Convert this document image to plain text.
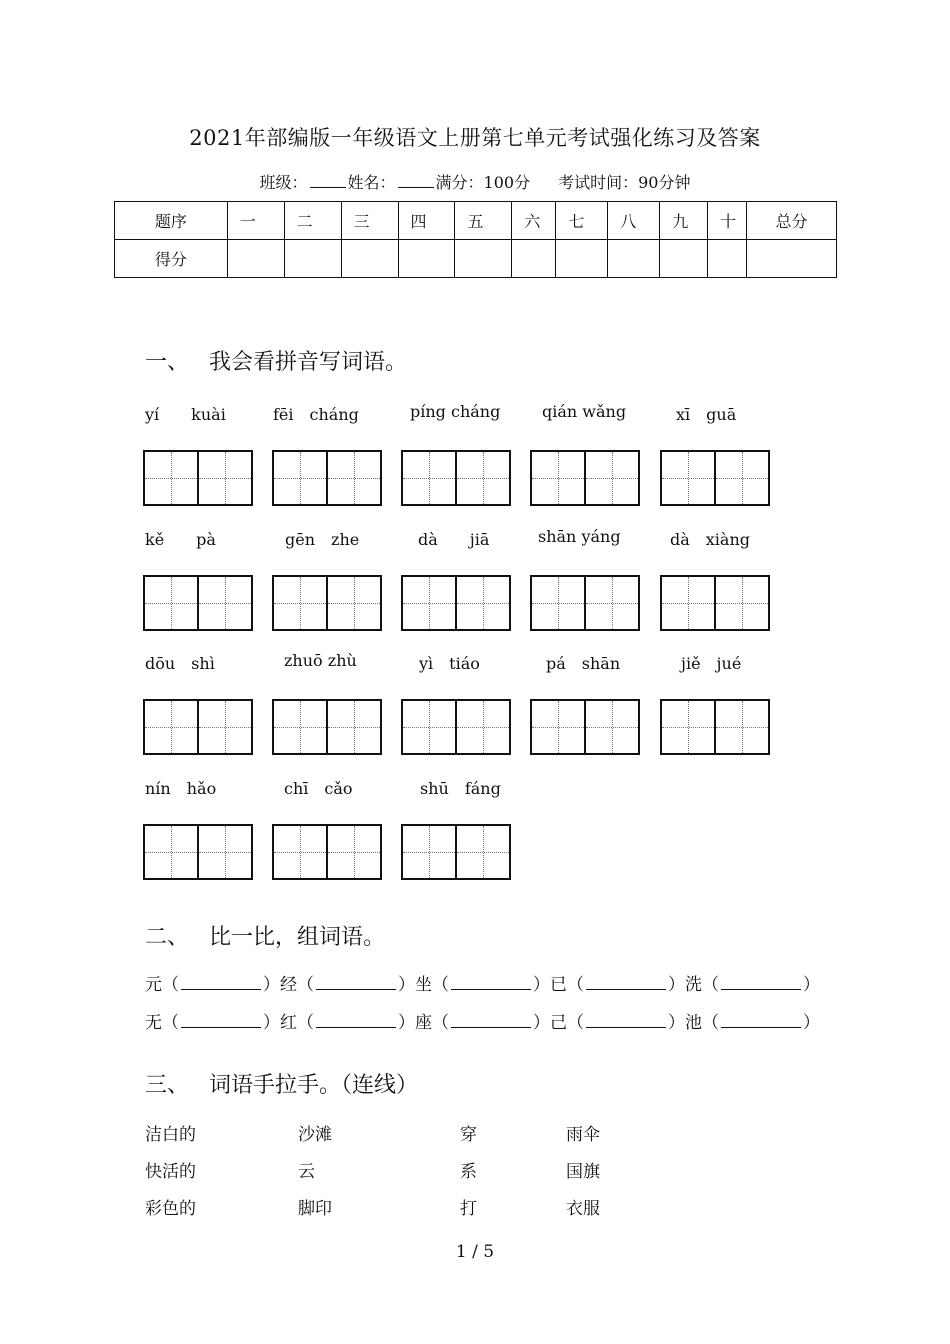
2021年部编版一年级语文上册第七单元考试强化练习及答案
班级：	姓名：	满分：100分 考试时间：90分钟
题序	一	二	三	四	五	六	七	八	九	十	总分
得分											
一、 我会看拼音写词语。
yí　　kuài	fēi　cháng	píng cháng	qián wǎng	xī　guā
kě　　pà	gēn　zhe	dà　　jiā	shān yáng	dà　xiàng
dōu　shì	zhuō zhù	yì　tiáo	pá　shān	jiě　jué
nín　hǎo	chī　cǎo	shū　fáng
二、 比一比，组词语。
元（	）经（	）坐（	）已（	）洗（	）
无（	）红（	）座（	）己（	）池（	）
三、 词语手拉手。（连线）
洁白的	沙滩	穿	雨伞
快活的	云	系	国旗
彩色的	脚印	打	衣服
1 / 5
